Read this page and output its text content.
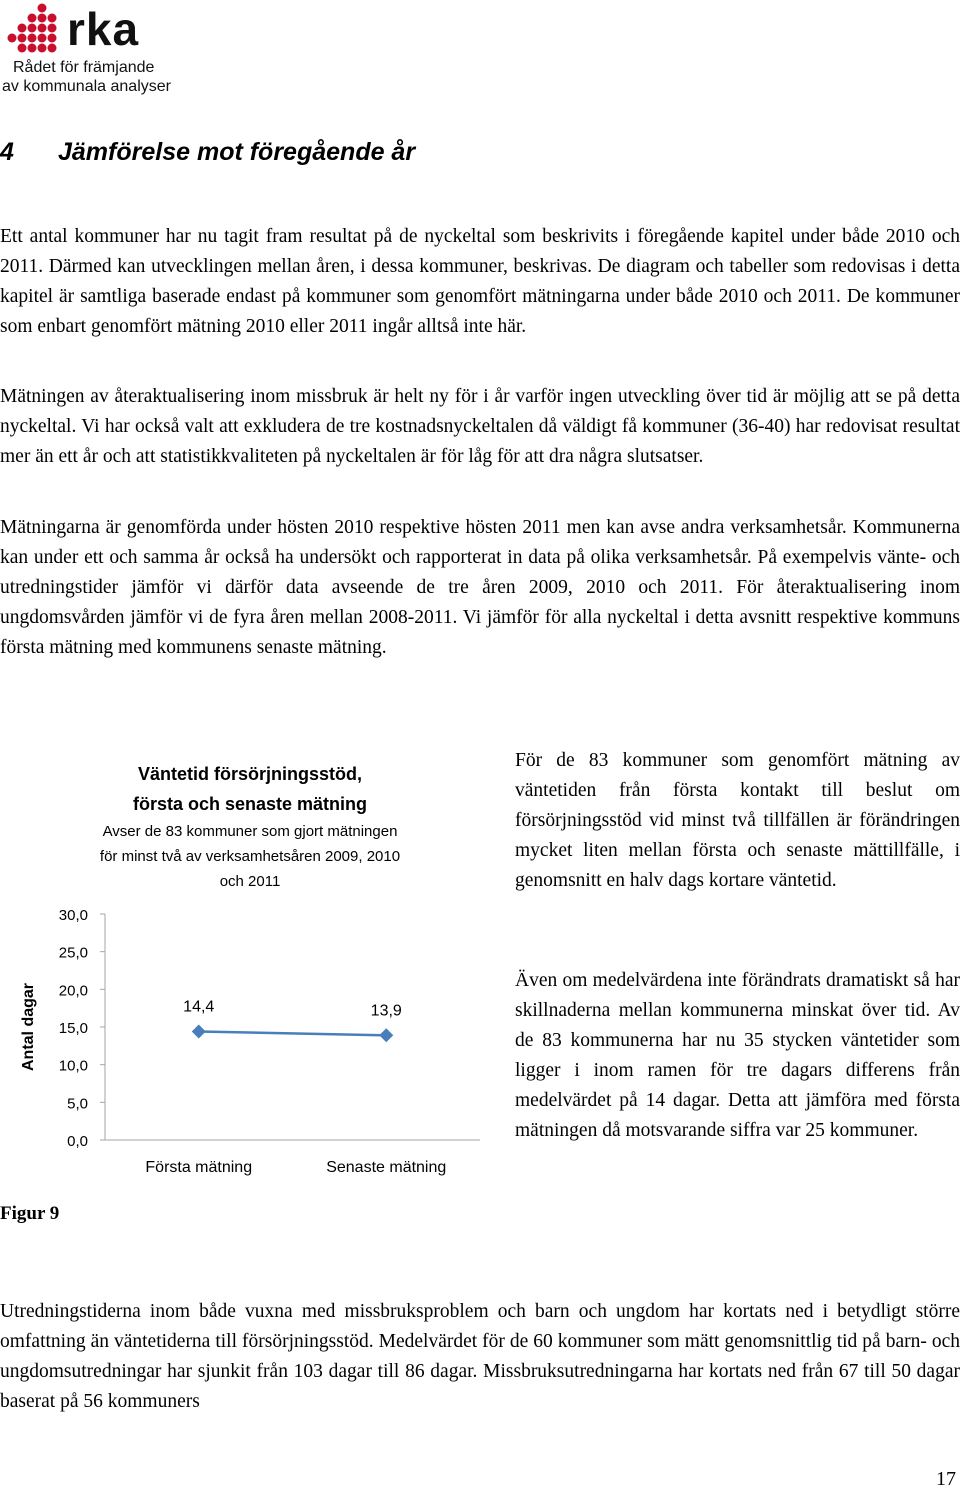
rka
Rådet för främjande
av kommunala analyser
4 Jämförelse mot föregående år

Ett antal kommuner har nu tagit fram resultat på de nyckeltal som beskrivits i föregående kapitel under både 2010 och 2011. Därmed kan utvecklingen mellan åren, i dessa kommuner, beskrivas. De diagram och tabeller som redovisas i detta kapitel är samtliga baserade endast på kommuner som genomfört mätningarna under både 2010 och 2011. De kommuner som enbart genomfört mätning 2010 eller 2011 ingår alltså inte här.

Mätningen av återaktualisering inom missbruk är helt ny för i år varför ingen utveckling över tid är möjlig att se på detta nyckeltal. Vi har också valt att exkludera de tre kostnadsnyckeltalen då väldigt få kommuner (36-40) har redovisat resultat mer än ett år och att statistikkvaliteten på nyckeltalen är för låg för att dra några slutsatser.

Mätningarna är genomförda under hösten 2010 respektive hösten 2011 men kan avse andra verksamhetsår. Kommunerna kan under ett och samma år också ha undersökt och rapporterat in data på olika verksamhetsår. På exempelvis vänte- och utredningstider jämför vi därför data avseende de tre åren 2009, 2010 och 2011. För återaktualisering inom ungdomsvården jämför vi de fyra åren mellan 2008-2011. Vi jämför för alla nyckeltal i detta avsnitt respektive kommuns första mätning med kommunens senaste mätning.

Väntetid försörjningsstöd,
första och senaste mätning
Avser de 83 kommuner som gjort mätningen
för minst två av verksamhetsåren 2009, 2010
och 2011
Antal dagar
0,0
5,0
10,0
15,0
20,0
25,0
30,0
Första mätning	Senaste mätning
14,4	13,9
Figur 9

För de 83 kommuner som genomfört mätning av väntetiden från första kontakt till beslut om försörjningsstöd vid minst två tillfällen är förändringen mycket liten mellan första och senaste mättillfälle, i genomsnitt en halv dags kortare väntetid.

Även om medelvärdena inte förändrats dramatiskt så har skillnaderna mellan kommunerna minskat över tid. Av de 83 kommunerna har nu 35 stycken väntetider som ligger i inom ramen för tre dagars differens från medelvärdet på 14 dagar. Detta att jämföra med första mätningen då motsvarande siffra var 25 kommuner.

Utredningstiderna inom både vuxna med missbruksproblem och barn och ungdom har kortats ned i betydligt större omfattning än väntetiderna till försörjningsstöd. Medelvärdet för de 60 kommuner som mätt genomsnittlig tid på barn- och ungdomsutredningar har sjunkit från 103 dagar till 86 dagar. Missbruksutredningarna har kortats ned från 67 till 50 dagar baserat på 56 kommuners

17
